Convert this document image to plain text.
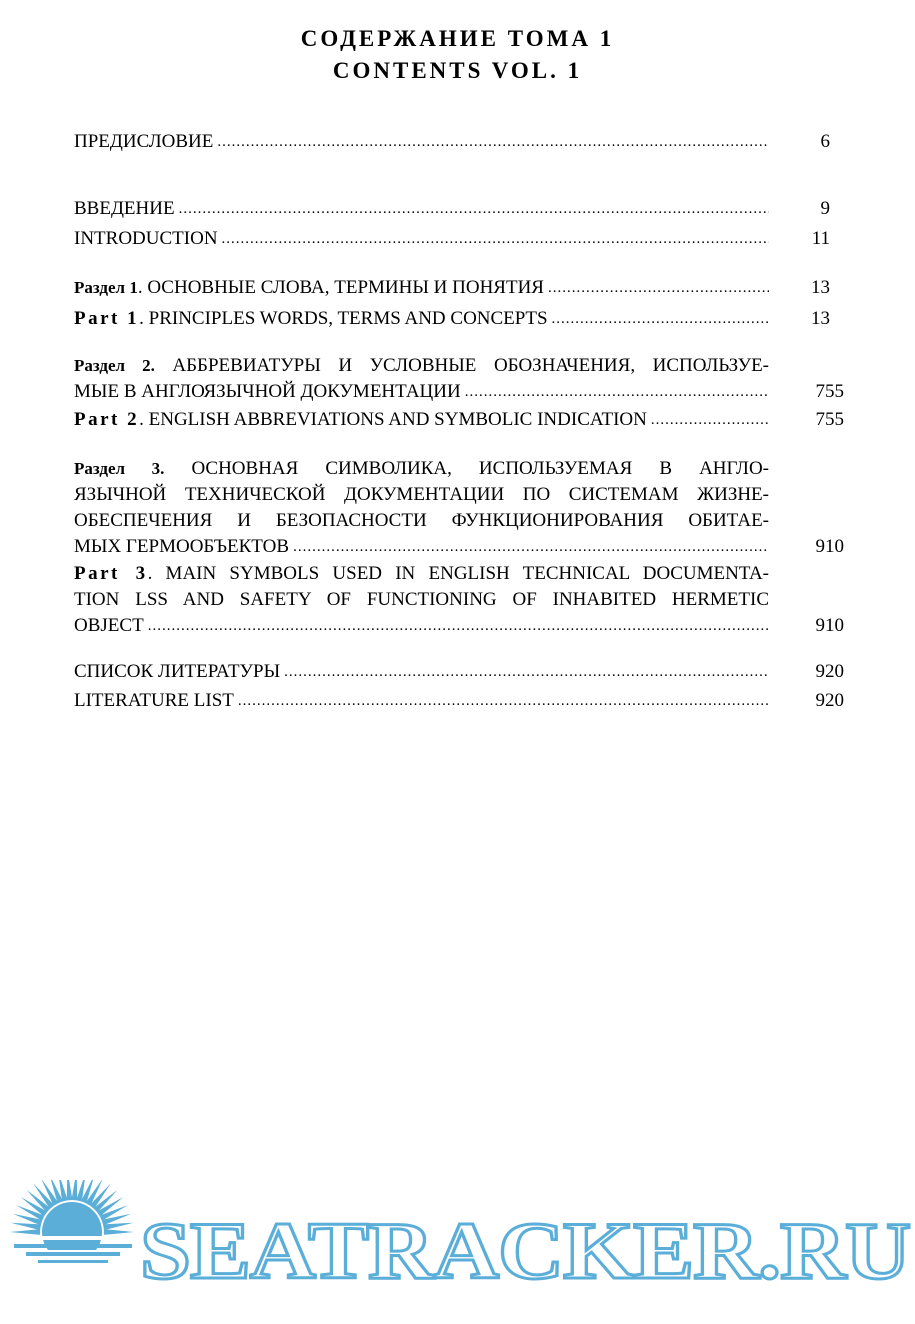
СОДЕРЖАНИЕ ТОМА 1
CONTENTS VOL. 1
ПРЕДИСЛОВИЕ .....	6
ВВЕДЕНИЕ .....	9
INTRODUCTION .....	11
Раздел 1. ОСНОВНЫЕ СЛОВА, ТЕРМИНЫ И ПОНЯТИЯ .....	13
Part 1. PRINCIPLES WORDS, TERMS AND CONCEPTS .....	13
Раздел 2. АББРЕВИАТУРЫ И УСЛОВНЫЕ ОБОЗНАЧЕНИЯ, ИСПОЛЬЗУЕ-
МЫЕ В АНГЛОЯЗЫЧНОЙ ДОКУМЕНТАЦИИ .....	755
Part 2. ENGLISH ABBREVIATIONS AND SYMBOLIC INDICATION .....	755
Раздел 3. ОСНОВНАЯ СИМВОЛИКА, ИСПОЛЬЗУЕМАЯ В АНГЛО-
ЯЗЫЧНОЙ ТЕХНИЧЕСКОЙ ДОКУМЕНТАЦИИ ПО СИСТЕМАМ ЖИЗНЕ-
ОБЕСПЕЧЕНИЯ И БЕЗОПАСНОСТИ ФУНКЦИОНИРОВАНИЯ ОБИТАЕ-
МЫХ ГЕРМООБЪЕКТОВ .....	910
Part 3. MAIN SYMBOLS USED IN ENGLISH TECHNICAL DOCUMENTA-
TION LSS AND SAFETY OF FUNCTIONING OF INHABITED HERMETIC
OBJECT .....	910
СПИСОК ЛИТЕРАТУРЫ .....	920
LITERATURE LIST .....	920
SEATRACKER.RU
